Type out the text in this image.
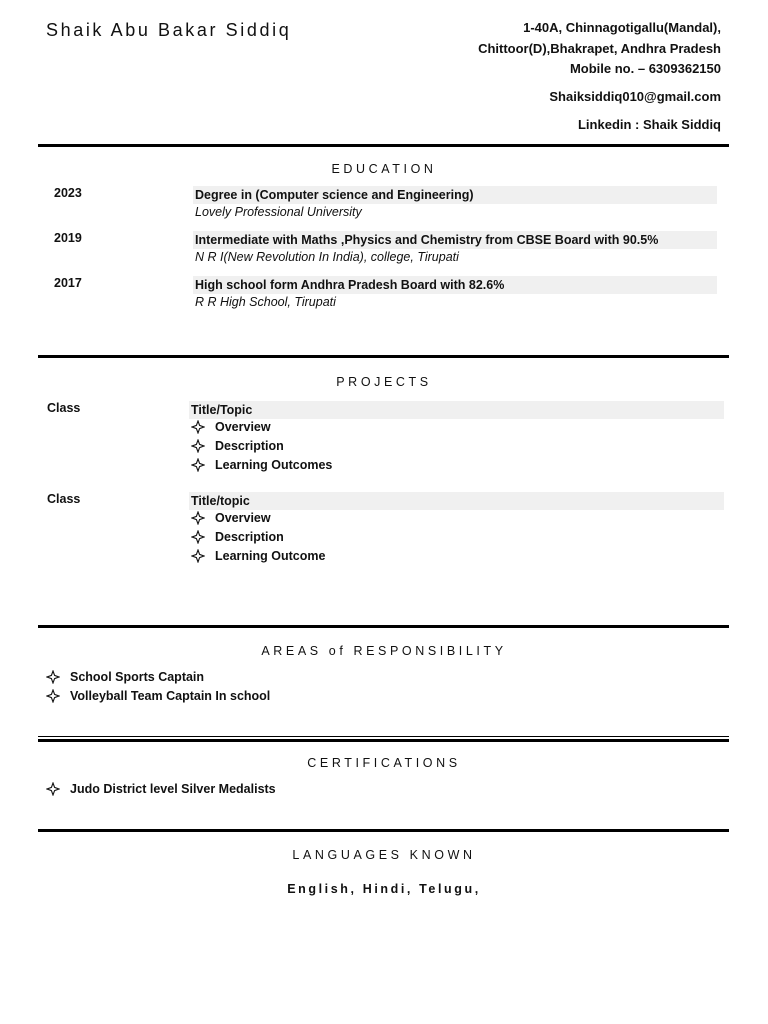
Shaik Abu Bakar Siddiq	1-40A, Chinnagotigallu(Mandal),
Chittoor(D),Bhakrapet, Andhra Pradesh
Mobile no. – 6309362150
Shaiksiddiq010@gmail.com
Linkedin : Shaik Siddiq
EDUCATION
2023	Degree in (Computer science and Engineering)
Lovely Professional University
2019	Intermediate with Maths ,Physics and Chemistry from CBSE Board with 90.5%
N R I(New Revolution In India), college, Tirupati
2017	High school form Andhra Pradesh Board with 82.6%
R R High School, Tirupati
PROJECTS
Class	Title/Topic
Overview
Description
Learning Outcomes
Class	Title/topic
Overview
Description
Learning Outcome
AREAS of RESPONSIBILITY
School Sports Captain
Volleyball Team Captain In school
CERTIFICATIONS
Judo District level Silver Medalists
LANGUAGES KNOWN
English, Hindi, Telugu,
